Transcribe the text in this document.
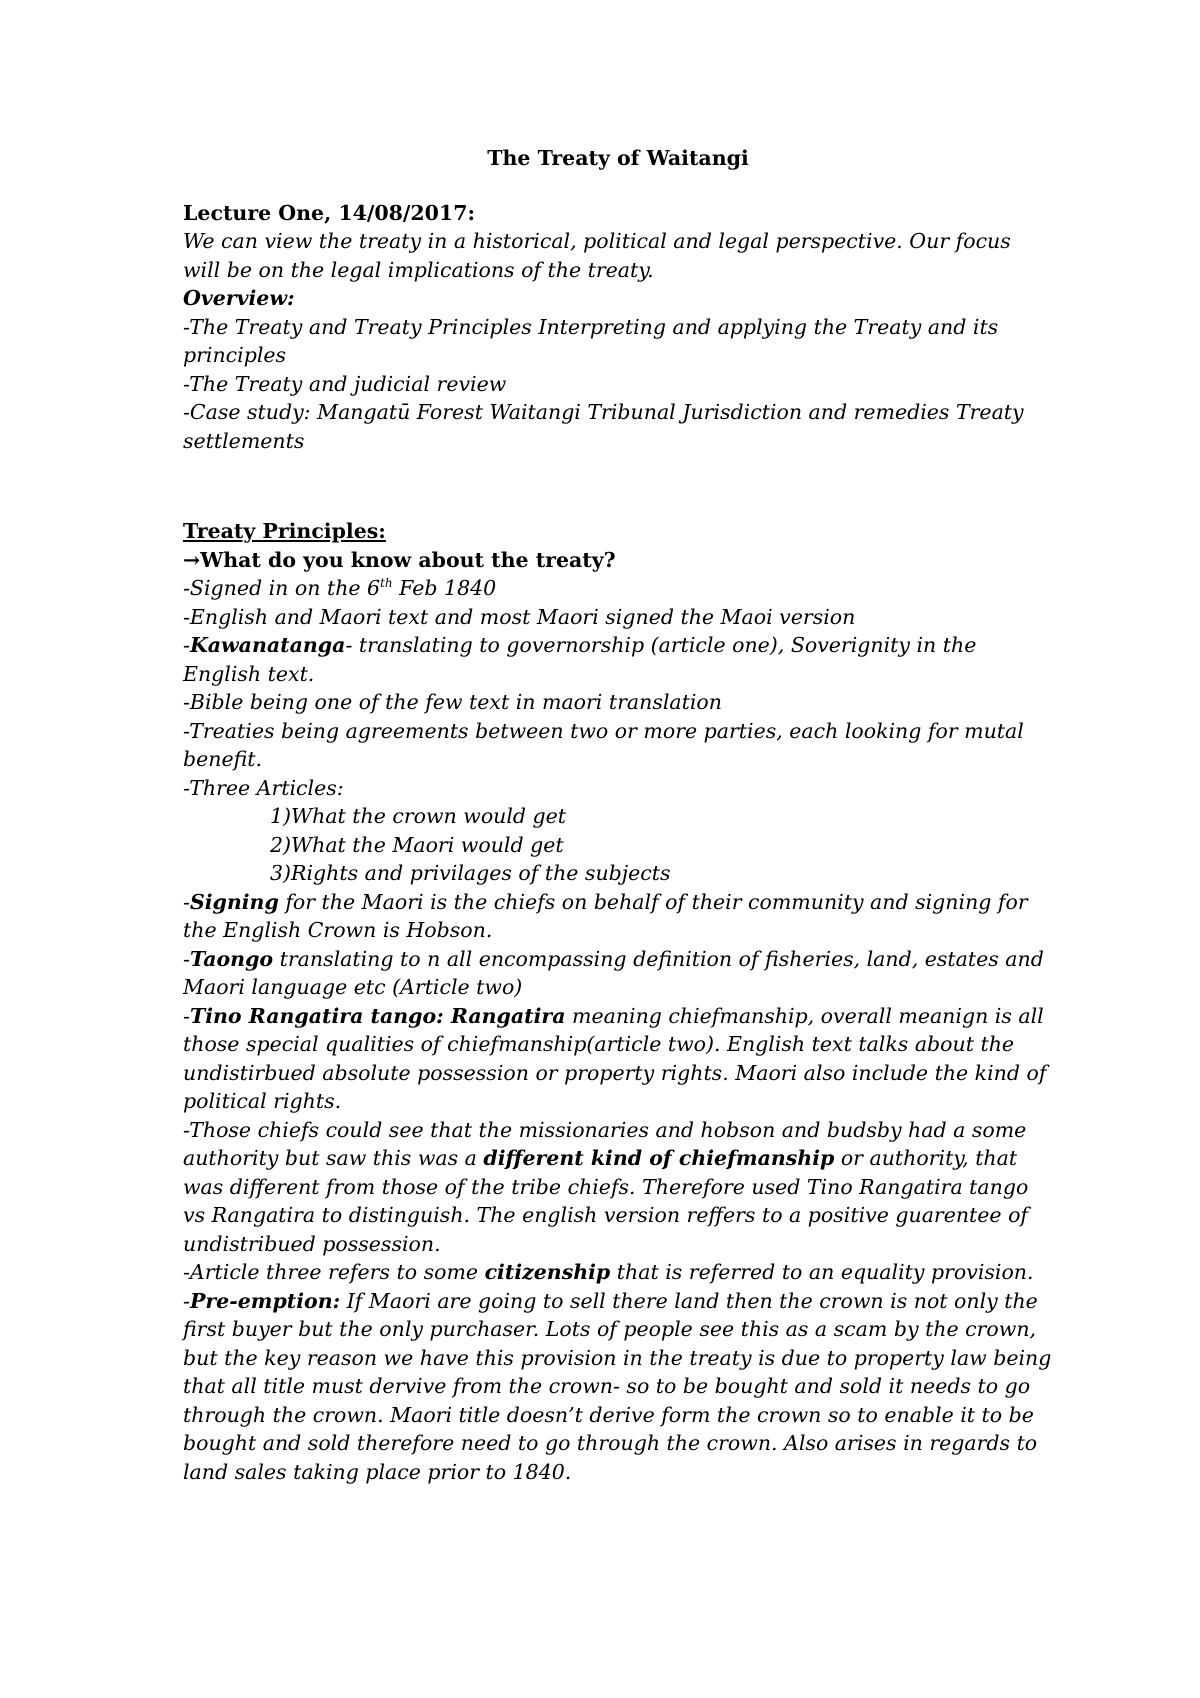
The Treaty of Waitangi

Lecture One, 14/08/2017:

We can view the treaty in a historical, political and legal perspective. Our focus will be on the legal implications of the treaty.

Overview:

-The Treaty and Treaty Principles Interpreting and applying the Treaty and its principles

-The Treaty and judicial review

-Case study: Mangatū Forest Waitangi Tribunal Jurisdiction and remedies Treaty settlements

Treaty Principles:

→What do you know about the treaty?

-Signed in on the 6th Feb 1840

-English and Maori text and most Maori signed the Maoi version

-Kawanatanga- translating to governorship (article one), Soverignity in the English text.

-Bible being one of the few text in maori translation

-Treaties being agreements between two or more parties, each looking for mutal benefit.

-Three Articles:

1)What the crown would get

2)What the Maori would get

3)Rights and privilages of the subjects

-Signing for the Maori is the chiefs on behalf of their community and signing for the English Crown is Hobson.

-Taongo translating to n all encompassing definition of fisheries, land, estates and Maori language etc (Article two)

-Tino Rangatira tango: Rangatira meaning chiefmanship, overall meanign is all those special qualities of chiefmanship(article two). English text talks about the undistirbued absolute possession or property rights. Maori also include the kind of political rights.

-Those chiefs could see that the missionaries and hobson and budsby had a some authority but saw this was a different kind of chiefmanship or authority, that was different from those of the tribe chiefs. Therefore used Tino Rangatira tango vs Rangatira to distinguish. The english version reffers to a positive guarentee of undistribued possession.

-Article three refers to some citizenship that is referred to an equality provision.

-Pre-emption: If Maori are going to sell there land then the crown is not only the first buyer but the only purchaser. Lots of people see this as a scam by the crown, but the key reason we have this provision in the treaty is due to property law being that all title must dervive from the crown- so to be bought and sold it needs to go through the crown. Maori title doesn’t derive form the crown so to enable it to be bought and sold therefore need to go through the crown. Also arises in regards to land sales taking place prior to 1840.
